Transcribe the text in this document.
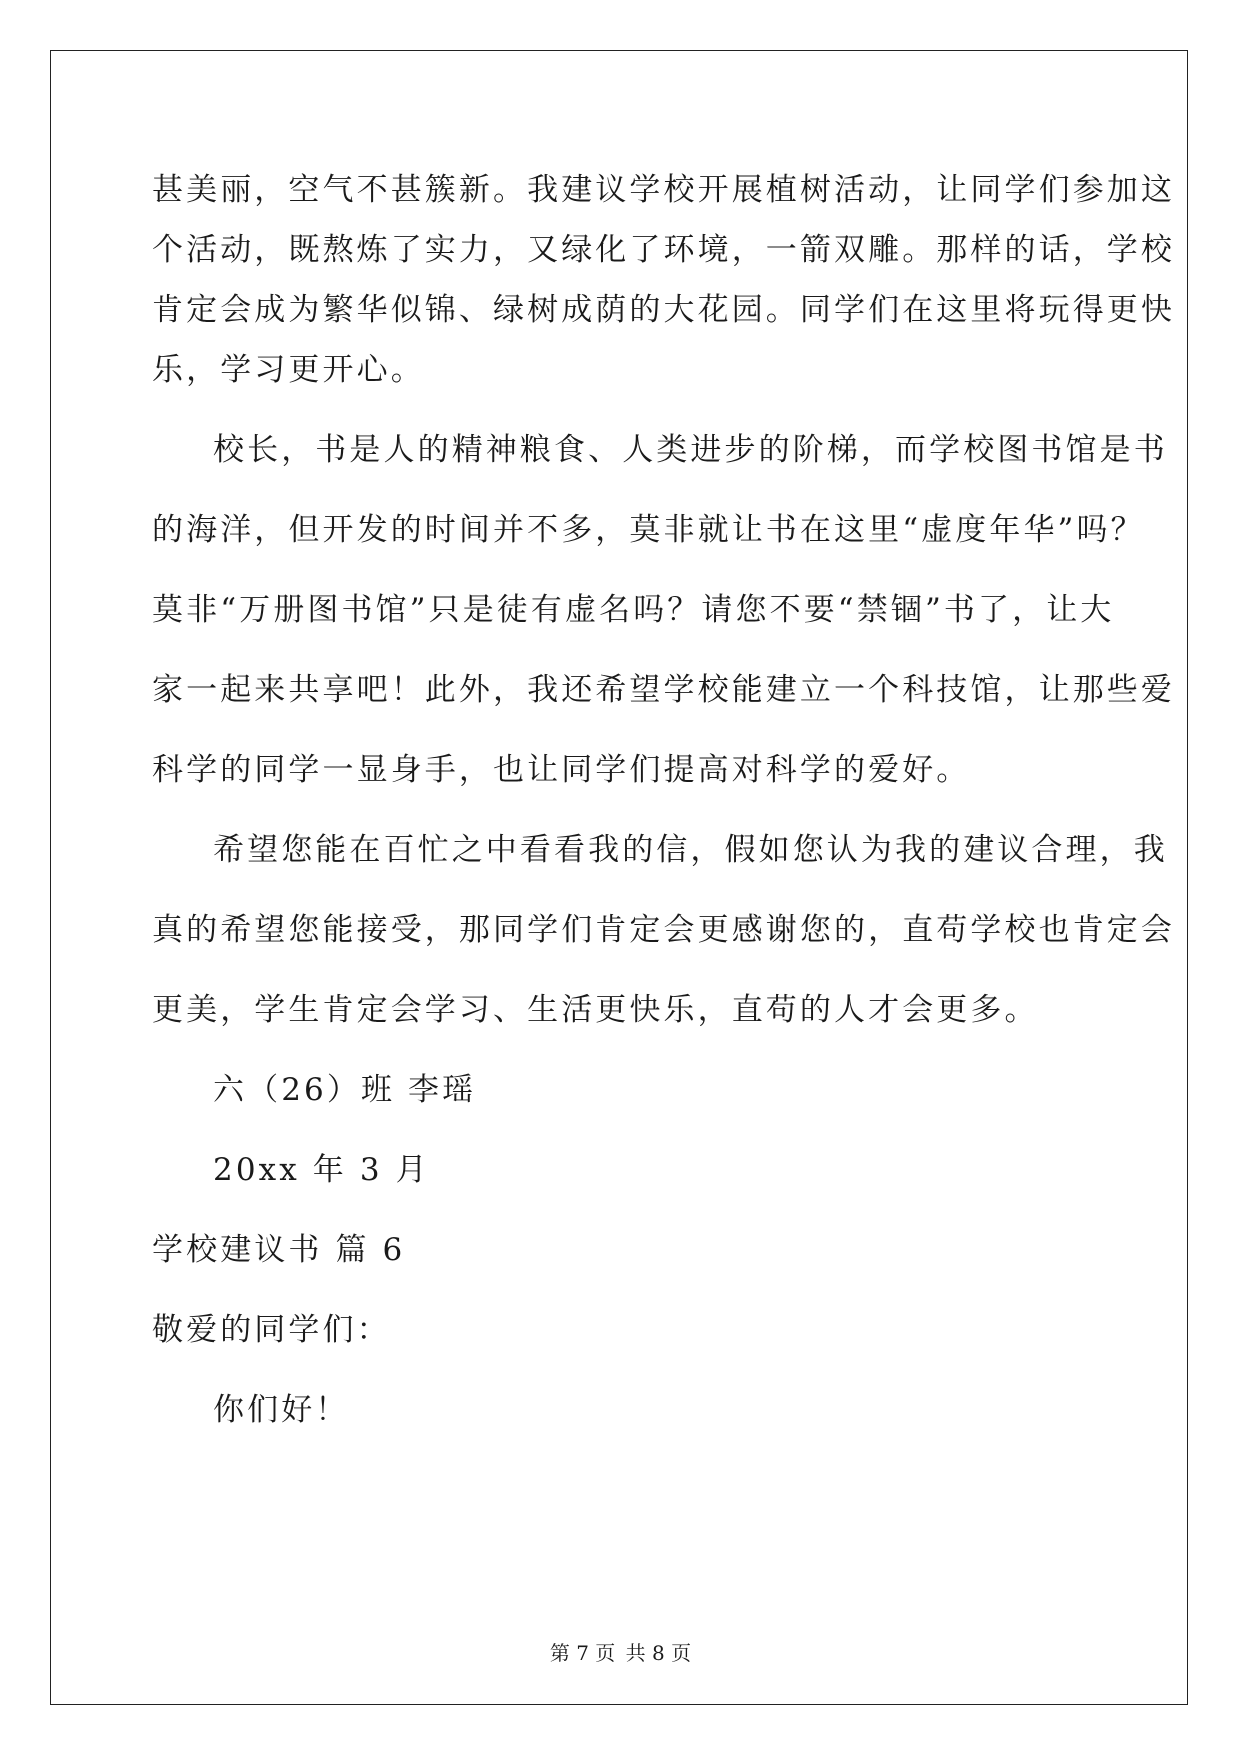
甚美丽，空气不甚簇新。我建议学校开展植树活动，让同学们参加这
个活动，既熬炼了实力，又绿化了环境，一箭双雕。那样的话，学校
肯定会成为繁华似锦、绿树成荫的大花园。同学们在这里将玩得更快
乐，学习更开心。
校长，书是人的精神粮食、人类进步的阶梯，而学校图书馆是书
的海洋，但开发的时间并不多，莫非就让书在这里“虚度年华”吗？
莫非“万册图书馆”只是徒有虚名吗？请您不要“禁锢”书了，让大
家一起来共享吧！此外，我还希望学校能建立一个科技馆，让那些爱
科学的同学一显身手，也让同学们提高对科学的爱好。
希望您能在百忙之中看看我的信，假如您认为我的建议合理，我
真的希望您能接受，那同学们肯定会更感谢您的，直苟学校也肯定会
更美，学生肯定会学习、生活更快乐，直苟的人才会更多。
六（26）班 李瑶
20xx 年 3 月
学校建议书 篇 6
敬爱的同学们：
你们好！
第 7 页 共 8 页
